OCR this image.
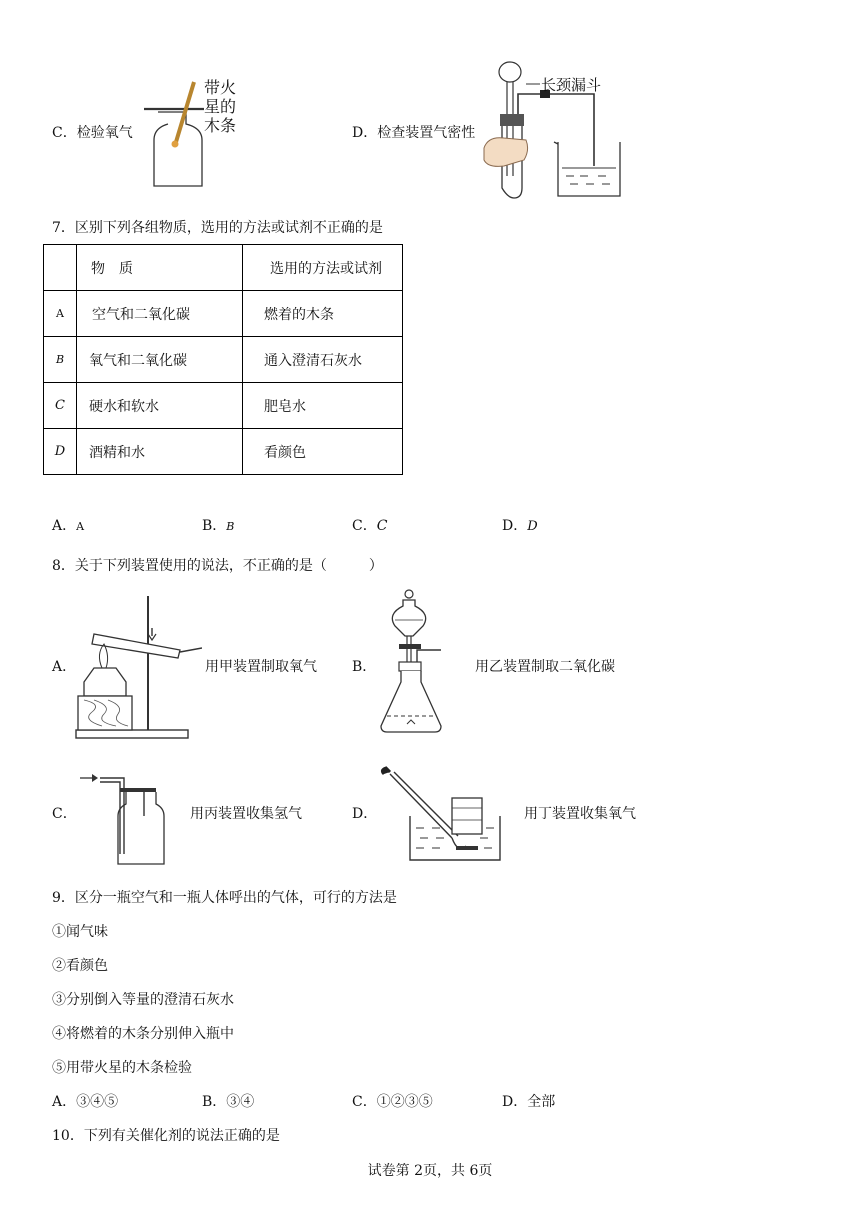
C．检验氧气
带火星的木条	D．检查装置气密性
长颈漏斗
7．区别下列各组物质，选用的方法或试剂不正确的是
	物　质	选用的方法或试剂
A	空气和二氧化碳	燃着的木条
B	氧气和二氧化碳	通入澄清石灰水
C	硬水和软水	肥皂水
D	酒精和水	看颜色
A．A	B．B	C．C	D．D
8．关于下列装置使用的说法，不正确的是（　　　）
A．	用甲装置制取氧气	B．	用乙装置制取二氧化碳
C．	用丙装置收集氢气	D．	用丁装置收集氧气
9．区分一瓶空气和一瓶人体呼出的气体，可行的方法是
①闻气味
②看颜色
③分别倒入等量的澄清石灰水
④将燃着的木条分别伸入瓶中
⑤用带火星的木条检验
A．③④⑤	B．③④	C．①②③⑤	D．全部
10．下列有关催化剂的说法正确的是
试卷第 2页，共 6页
